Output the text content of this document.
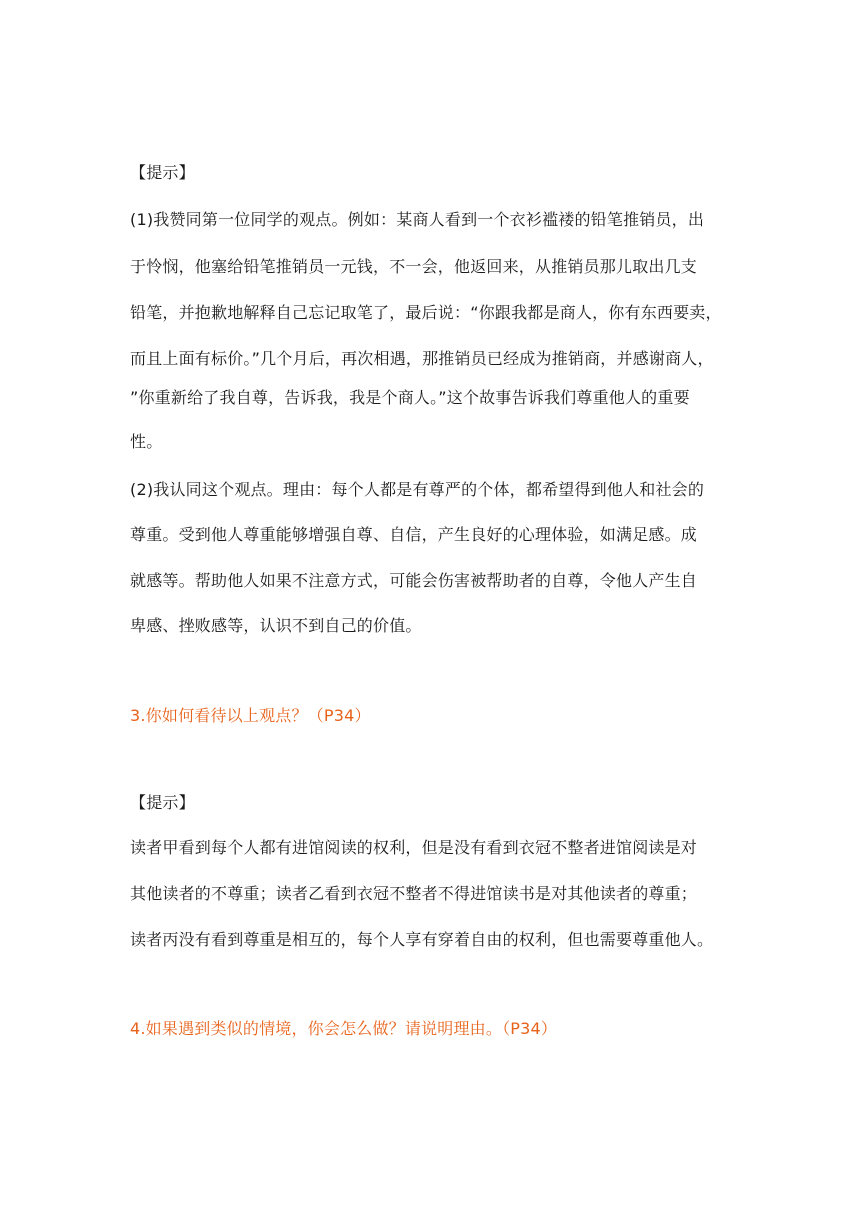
【提示】
(1)我赞同第一位同学的观点。例如：某商人看到一个衣衫褴褛的铅笔推销员，出
于怜悯，他塞给铅笔推销员一元钱，不一会，他返回来，从推销员那儿取出几支
铅笔，并抱歉地解释自己忘记取笔了，最后说：“你跟我都是商人，你有东西要卖，
而且上面有标价。”几个月后，再次相遇，那推销员已经成为推销商，并感谢商人，
”你重新给了我自尊，告诉我，我是个商人。”这个故事告诉我们尊重他人的重要
性。
(2)我认同这个观点。理由：每个人都是有尊严的个体，都希望得到他人和社会的
尊重。受到他人尊重能够增强自尊、自信，产生良好的心理体验，如满足感。成
就感等。帮助他人如果不注意方式，可能会伤害被帮助者的自尊，令他人产生自
卑感、挫败感等，认识不到自己的价值。
3.你如何看待以上观点？（P34）
【提示】
读者甲看到每个人都有进馆阅读的权利，但是没有看到衣冠不整者进馆阅读是对
其他读者的不尊重；读者乙看到衣冠不整者不得进馆读书是对其他读者的尊重；
读者丙没有看到尊重是相互的，每个人享有穿着自由的权利，但也需要尊重他人。
4.如果遇到类似的情境，你会怎么做？请说明理由。（P34）
